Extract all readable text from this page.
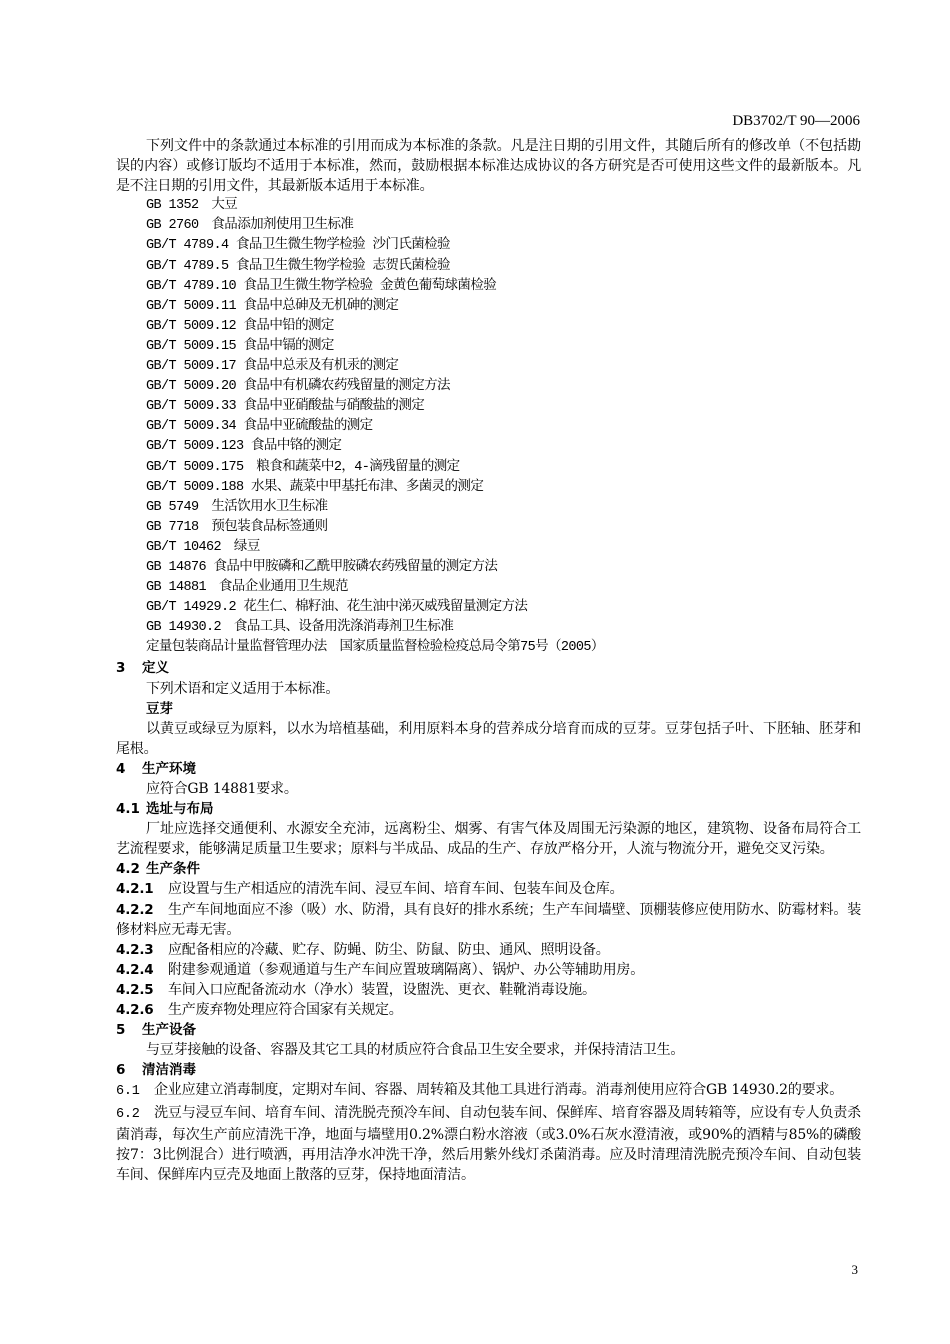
DB3702/T 90—2006

下列文件中的条款通过本标准的引用而成为本标准的条款。凡是注日期的引用文件，其随后所有的修改单（不包括勘误的内容）或修订版均不适用于本标准，然而，鼓励根据本标准达成协议的各方研究是否可使用这些文件的最新版本。凡是不注日期的引用文件，其最新版本适用于本标准。

GB 1352　大豆

GB 2760　食品添加剂使用卫生标准

GB/T 4789.4 食品卫生微生物学检验 沙门氏菌检验

GB/T 4789.5 食品卫生微生物学检验 志贺氏菌检验

GB/T 4789.10 食品卫生微生物学检验 金黄色葡萄球菌检验

GB/T 5009.11 食品中总砷及无机砷的测定

GB/T 5009.12 食品中铅的测定

GB/T 5009.15 食品中镉的测定

GB/T 5009.17 食品中总汞及有机汞的测定

GB/T 5009.20 食品中有机磷农药残留量的测定方法

GB/T 5009.33 食品中亚硝酸盐与硝酸盐的测定

GB/T 5009.34 食品中亚硫酸盐的测定

GB/T 5009.123 食品中铬的测定

GB/T 5009.175　粮食和蔬菜中2，4-滴残留量的测定

GB/T 5009.188 水果、蔬菜中甲基托布津、多菌灵的测定

GB 5749　生活饮用水卫生标准

GB 7718　预包装食品标签通则

GB/T 10462　绿豆

GB 14876 食品中甲胺磷和乙酰甲胺磷农药残留量的测定方法

GB 14881　食品企业通用卫生规范

GB/T 14929.2 花生仁、棉籽油、花生油中涕灭威残留量测定方法

GB 14930.2　食品工具、设备用洗涤消毒剂卫生标准

定量包装商品计量监督管理办法　国家质量监督检验检疫总局令第75号（2005）

3 定义

下列术语和定义适用于本标准。

豆芽

以黄豆或绿豆为原料，以水为培植基础，利用原料本身的营养成分培育而成的豆芽。豆芽包括子叶、下胚轴、胚芽和尾根。

4 生产环境

应符合GB 14881要求。

4.1 选址与布局

厂址应选择交通便利、水源安全充沛，远离粉尘、烟雾、有害气体及周围无污染源的地区，建筑物、设备布局符合工艺流程要求，能够满足质量卫生要求；原料与半成品、成品的生产、存放严格分开，人流与物流分开，避免交叉污染。

4.2 生产条件

4.2.1 应设置与生产相适应的清洗车间、浸豆车间、培育车间、包装车间及仓库。

4.2.2 生产车间地面应不渗（吸）水、防滑，具有良好的排水系统；生产车间墙壁、顶棚装修应使用防水、防霉材料。装修材料应无毒无害。

4.2.3 应配备相应的冷藏、贮存、防蝇、防尘、防鼠、防虫、通风、照明设备。

4.2.4 附建参观通道（参观通道与生产车间应置玻璃隔离）、锅炉、办公等辅助用房。

4.2.5 车间入口应配备流动水（净水）装置，设盥洗、更衣、鞋靴消毒设施。

4.2.6 生产废弃物处理应符合国家有关规定。

5 生产设备

与豆芽接触的设备、容器及其它工具的材质应符合食品卫生安全要求，并保持清洁卫生。

6 清洁消毒

6.1 企业应建立消毒制度，定期对车间、容器、周转箱及其他工具进行消毒。消毒剂使用应符合GB 14930.2的要求。

6.2 洗豆与浸豆车间、培育车间、清洗脱壳预冷车间、自动包装车间、保鲜库、培育容器及周转箱等，应设有专人负责杀菌消毒，每次生产前应清洗干净，地面与墙壁用0.2%漂白粉水溶液（或3.0%石灰水澄清液，或90%的酒精与85%的磷酸按7：3比例混合）进行喷洒，再用洁净水冲洗干净，然后用紫外线灯杀菌消毒。应及时清理清洗脱壳预冷车间、自动包装车间、保鲜库内豆壳及地面上散落的豆芽，保持地面清洁。

3
